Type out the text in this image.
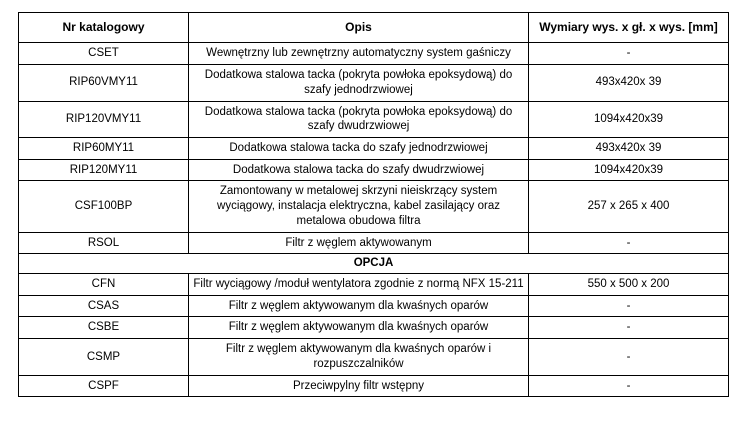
Nr katalogowy	Opis	Wymiary wys. x gł. x wys. [mm]
CSET	Wewnętrzny lub zewnętrzny automatyczny system gaśniczy	-
RIP60VMY11	Dodatkowa stalowa tacka (pokryta powłoka epoksydową) do szafy jednodrzwiowej	493x420x 39
RIP120VMY11	Dodatkowa stalowa tacka (pokryta powłoka epoksydową) do szafy dwudrzwiowej	1094x420x39
RIP60MY11	Dodatkowa stalowa tacka do szafy jednodrzwiowej	493x420x 39
RIP120MY11	Dodatkowa stalowa tacka do szafy dwudrzwiowej	1094x420x39
CSF100BP	Zamontowany w metalowej skrzyni nieiskrzący system wyciągowy, instalacja elektryczna, kabel zasilający oraz metalowa obudowa filtra	257 x 265 x 400
RSOL	Filtr z węglem aktywowanym	-
OPCJA		
CFN	Filtr wyciągowy /moduł wentylatora zgodnie z normą NFX 15-211	550 x 500 x 200
CSAS	Filtr z węglem aktywowanym dla kwaśnych oparów	-
CSBE	Filtr z węglem aktywowanym dla kwaśnych oparów	-
CSMP	Filtr z węglem aktywowanym dla kwaśnych oparów i rozpuszczalników	-
CSPF	Przeciwpylny filtr wstępny	-
